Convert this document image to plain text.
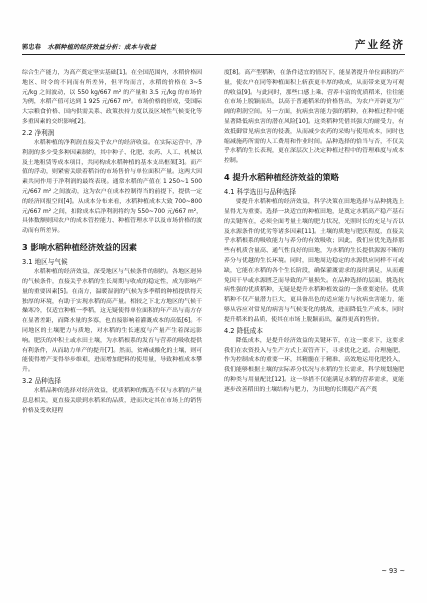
郭忠春 水稻种植的经济效益分析：成本与收益	产业经济

综合生产能力，为高产奠定坚实基础[1]。在全国范围内，水稻价格因地区、时令的不同而有所差异，但平均而言，水稻的价格在 3~5 元/kg 之间波动，以 550 kg/667 m² 的产量和 3.5 元/kg 的市场价为例，水稻产值可达到 1 925 元/667 m²。市场价格的形成，受国际大宗粮食价格、国内供需关系、政策扶持力度以及区域性气候变化等多重因素的交织影响[2]。

2.2 净利润

水稻种植的净利润直接关乎农户的经济收益。在实际运营中，净利润的多少受多种因素制约，其中种子、化肥、农药、人工、机械以及土地租赁等成本项目，共同构成水稻种植的基本支出框架[3]。而产值的浮动，则紧密关联着稻谷的市场售价与单位面积产量。这两大因素共同作用于净利润的最终表现。通常水稻的产值在 1 250~1 500 元/667 m² 之间波动，这为农户在成本控制得当的前提下，提供一定的经济回报空间[4]。从成本分布来看，水稻种植成本大致 700~800 元/667 m² 之间，扣除成本后净利润将约为 550~700 元/667 m²，具体数额则因农户的成本管控能力、种植管理水平以及市场价格的波动而有所差异。

3 影响水稻种植经济效益的因素
3.1 地区与气候

水稻种植的经济效益，深受地区与气候条件的制约。各地区迥异的气候条件，直接关乎水稻的生长周期与收成的稳定性，成为影响产量的重要因素[5]。在南方，温暖湿润的气候为多季稻的种植提供得天独厚的环境，有助于实现水稻的高产量。相较之下北方地区的气候干燥寒冷，仅适宜种植一季稻，这无疑使得单位面积的年产出与南方存在显著差距，而降水量的多寡，也直接影响着灌溉成本的高低[6]。不同地区的土壤肥力与质地，对水稻的生长速度与产量产生着深远影响。肥沃的冲积土或水田土壤，为水稻根系的发育与营养的吸收提供有利条件，从而助力单产的提升[7]。然而，贫瘠或酸化的土壤，则可能使得增产变得举步维艰，进而增加肥料的使用量，导致种植成本攀升。

3.2 品种选择

水稻品种的选择对经济效益，优质稻种的甄选不仅与水稻的产量息息相关，更直接关联到水稻米的品质，进而决定其在市场上的销售价格及受欢迎程

度[8]。高产型稻种，在条件适宜的情况下，能显著提升单位面积的产量，使农户在同等种植面积上斩获更丰厚的收成，从而带来更为可观的收益[9]。与此同时，那些口感上乘、营养丰富的优质稻米，往往能在市场上脱颖而出，以高于普通稻米的价格售出，为农户开辟更为广阔的利润空间。另一方面，抗病虫害能力强的稻种，在种植过程中能显著降低病虫害的潜在风险[10]。这类稻种凭借其强大的耐受力，有效抵御常见病虫害的侵袭，从而减少农药的采购与使用成本，同时也缩减施药所需的人工费用和作业时间。品种选择的恰当与否，不仅关乎水稻的生长表现，更在深层次上决定种植过程中的管理难度与成本控制。

4 提升水稻种植经济效益的策略
4.1 科学选田与品种选择

要提升水稻种植的经济效益，科学决策在田地选择与品种挑选上显得尤为重要。选择一块适宜的种植田地，是奠定水稻高产稳产基石的关键所在，必须全面考量土壤的肥力状况，光照时长的充足与否以及水源条件的优劣等诸多因素[11]。土壤的质地与肥沃程度，直接关乎水稻根系的吸收能力与养分的有效吸收；因此，我们应优先选择那些有机质含量高、通气性良好的田地，为水稻的生长提供源源不断的养分与优越的生长环境。同时，田地周边稳定的水源供应同样不可或缺，它能在水稻的各个生长阶段，确保灌溉需求的及时满足，从而避免因干旱或水源匮乏而导致的产量损失。在品种选择的层面，挑选抗病性强的优质稻种，无疑是提升水稻种植效益的一条重要途径。优质稻种不仅产量潜力巨大，更具备出色的适应能力与抗病虫害能力，能够从容应对常见的病害与气候变化的挑战，进而降低生产成本，同时提升稻米的品质，使其在市场上脱颖而出，赢得更高的售价。

4.2 降低成本

降低成本，是提升经济效益的关键环节，在这一要求下，这要求我们在农资投入与生产方式上双管齐下，寻求优化之道。合理施肥，作为控制成本的重要一环，其精髓在于精准、高效地运用化肥投入，我们能够根据土壤的实际养分状况与水稻的生长需求，科学规划施肥的种类与用量配比[12]。这一举措不仅能满足水稻的营养需求，更能逐步改善稻田的土壤结构与肥力，为田地的长期稳产高产奠

~ 93 ~
